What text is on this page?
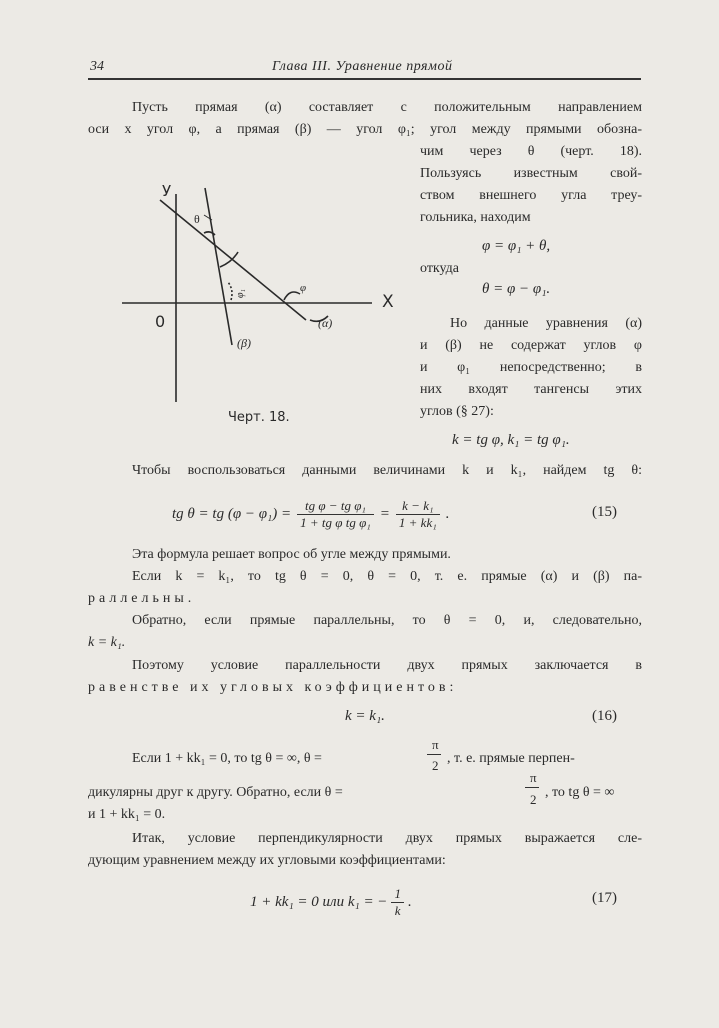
34	Глава III. Уравнение прямой
Пусть прямая (α) составляет с положительным направлением
оси x угол φ, а прямая (β) — угол φ₁; угол между прямыми обозна-
чим через θ (черт. 18).
Пользуясь известным свой-
ством внешнего угла треу-
гольника, находим
φ = φ₁ + θ,
откуда
θ = φ − φ₁.
Но данные уравнения (α)
и (β) не содержат углов φ
и φ₁ непосредственно; в
них входят тангенсы этих
углов (§ 27):
k = tg φ, k₁ = tg φ₁.
У
X
0
θ
φ
φ₁
(α)
(β)
Черт. 18.
Чтобы воспользоваться данными величинами k и k₁, найдем tg θ:
tg θ = tg $(\varphi - \varphi_1) = \frac{\text{tg φ − tg φ₁}}{\text{1 + tg φ tg φ₁}} = \frac{\text{k − k₁}}{\text{1 + kk₁}}$ .	(15)
Эта формула решает вопрос об угле между прямыми.
Если k = k₁, то tg θ = 0, θ = 0, т. е. прямые (α) и (β) па-
раллельны.
Обратно, если прямые параллельны, то θ = 0, и, следовательно,
k = k₁.
Поэтому условие параллельности двух прямых заключается в
равенстве их угловых коэффициентов:
k = k₁.	(16)
Если 1 + kk₁ = 0, то tg θ = ∞, θ =
π
2 , т. е. прямые перпен-
дикулярны друг к другу. Обратно, если θ =
π
2 , то tg θ = ∞
и 1 + kk₁ = 0.
Итак, условие перпендикулярности двух прямых выражается сле-
дующим уравнением между их угловыми коэффициентами:
1 + kk₁ = 0 или k₁ = − $\frac{1}{k}$ .	(17)
